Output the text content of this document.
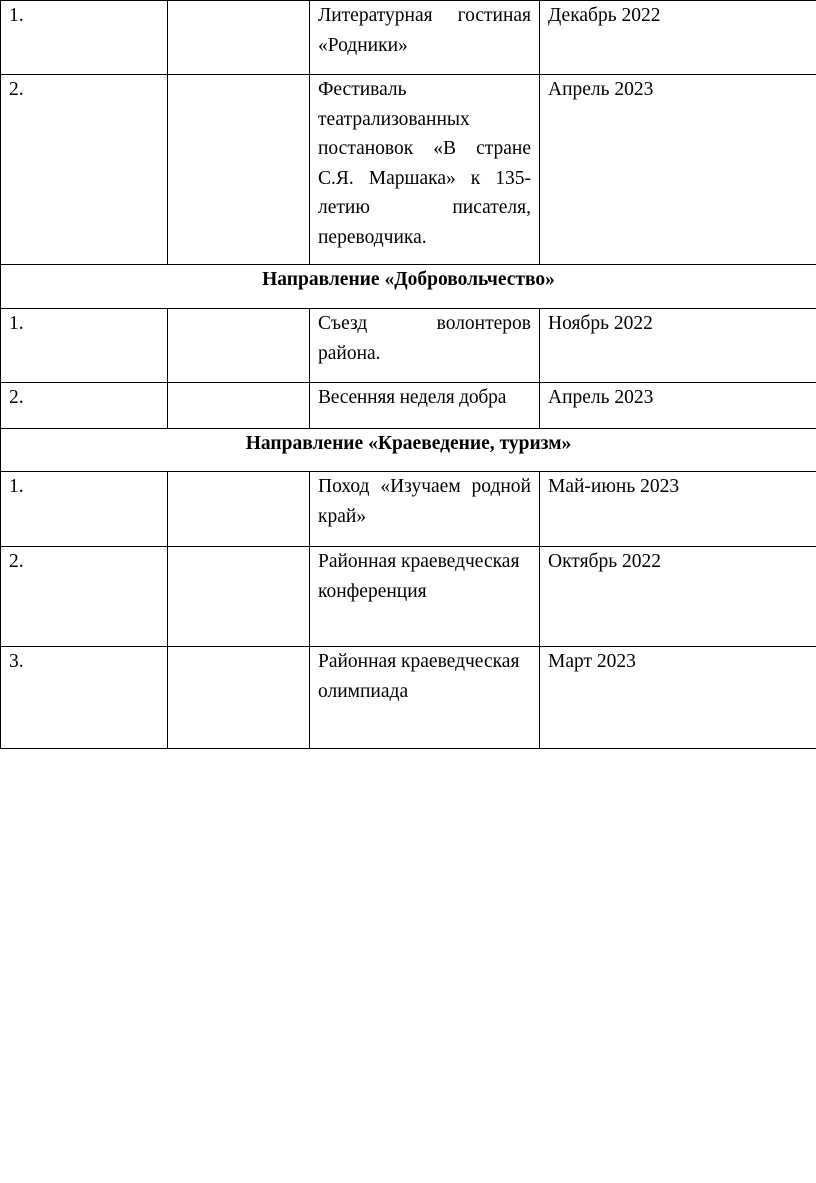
1.		Литературная гостиная «Родники»	Декабрь 2022
2.		Фестиваль театрализованных постановок «В стране С.Я. Маршака» к 135-летию писателя, переводчика.	Апрель 2023
Направление «Добровольчество»			
1.		Съезд волонтеров района.	Ноябрь 2022
2.		Весенняя неделя добра	Апрель 2023
Направление «Краеведение, туризм»			
1.		Поход «Изучаем родной край»	Май-июнь 2023
2.		Районная краеведческая конференция	Октябрь 2022
3.		Районная краеведческая олимпиада	Март 2023
